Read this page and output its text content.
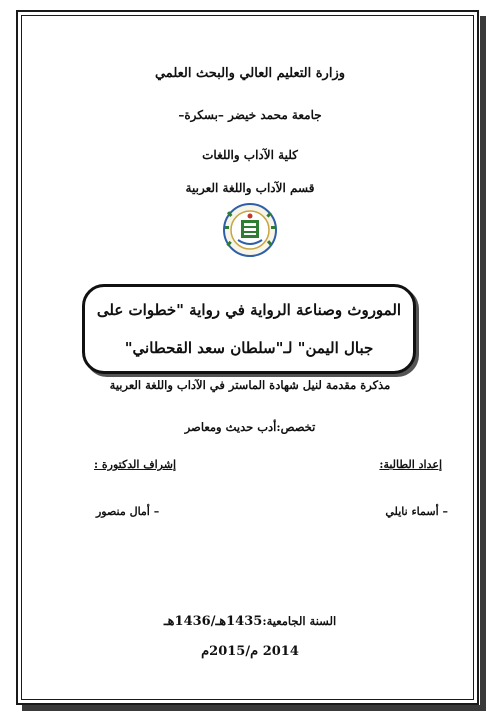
وزارة التعليم العالي والبحث العلمي
جامعة محمد خيضر –بسكرة–
كلية الآداب واللغات
قسم الآداب واللغة العربية
الموروث وصناعة الرواية في رواية "خطوات على
جبال اليمن" لـ"سلطان سعد القحطاني"
مذكرة مقدمة لنيل شهادة الماستر في الآداب واللغة العربية
تخصص:أدب حديث ومعاصر
إعداد الطالبة:
إشراف الدكتورة :
– أسماء نايلي
– أمال منصور
السنة الجامعية:1435هـ/1436هـ
2014 م/2015م
